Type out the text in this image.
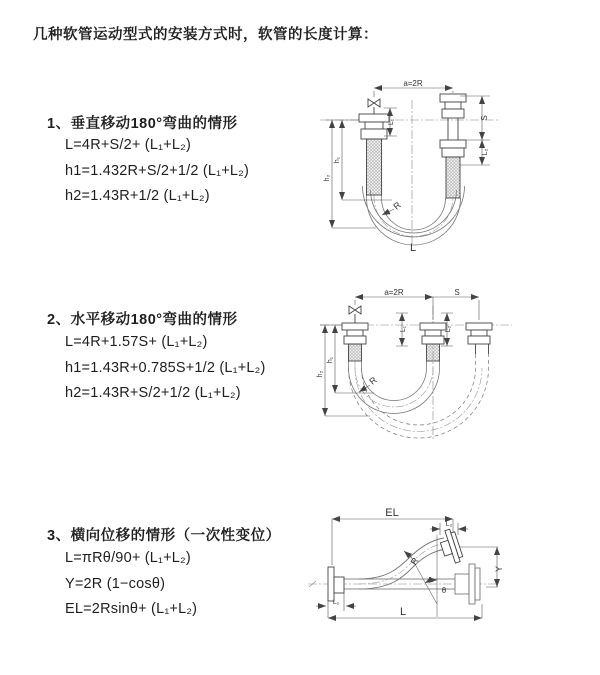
几种软管运动型式的安装方式时，软管的长度计算：
1、垂直移动180°弯曲的情形
L=4R+S/2+ (L₁+L₂)
h1=1.432R+S/2+1/2 (L₁+L₂)
h2=1.43R+1/2 (L₁+L₂)
a=2R
L₁
S
L₂
h₁
h₂
R
L
2、水平移动180°弯曲的情形
L=4R+1.57S+ (L₁+L₂)
h1=1.43R+0.785S+1/2 (L₁+L₂)
h2=1.43R+S/2+1/2 (L₁+L₂)
a=2R	S
L₁	L₂
h₁
h₂
R
3、横向位移的情形（一次性变位）
L=πRθ/90+ (L₁+L₂)
Y=2R (1−cosθ)
EL=2Rsinθ+ (L₁+L₂)
EL
L₂
L₁
L
Y
R
θ
